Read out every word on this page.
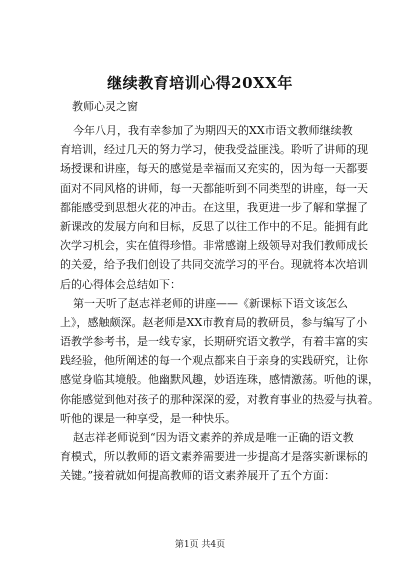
继续教育培训心得20XX年
教师心灵之窗
今年八月，我有幸参加了为期四天的XX市语文教师继续教
育培训，经过几天的努力学习，使我受益匪浅。聆听了讲师的现
场授课和讲座，每天的感觉是幸福而又充实的，因为每一天都要
面对不同风格的讲师，每一天都能听到不同类型的讲座，每一天
都能感受到思想火花的冲击。在这里，我更进一步了解和掌握了
新课改的发展方向和目标，反思了以往工作中的不足。能拥有此
次学习机会，实在值得珍惜。非常感谢上级领导对我们教师成长
的关爱，给予我们创设了共同交流学习的平台。现就将本次培训
后的心得体会总结如下：
第一天听了赵志祥老师的讲座——《新课标下语文该怎么
上》，感触颇深。赵老师是XX市教育局的教研员，参与编写了小
语教学参考书，是一线专家，长期研究语文教学，有着丰富的实
践经验，他所阐述的每一个观点都来自于亲身的实践研究，让你
感觉身临其境般。他幽默风趣，妙语连珠，感情激荡。听他的课，
你能感觉到他对孩子的那种深深的爱，对教育事业的热爱与执着。
听他的课是一种享受，是一种快乐。
赵志祥老师说到“因为语文素养的养成是唯一正确的语文教
育模式，所以教师的语文素养需要进一步提高才是落实新课标的
关键。”接着就如何提高教师的语文素养展开了五个方面：
第1页 共4页
